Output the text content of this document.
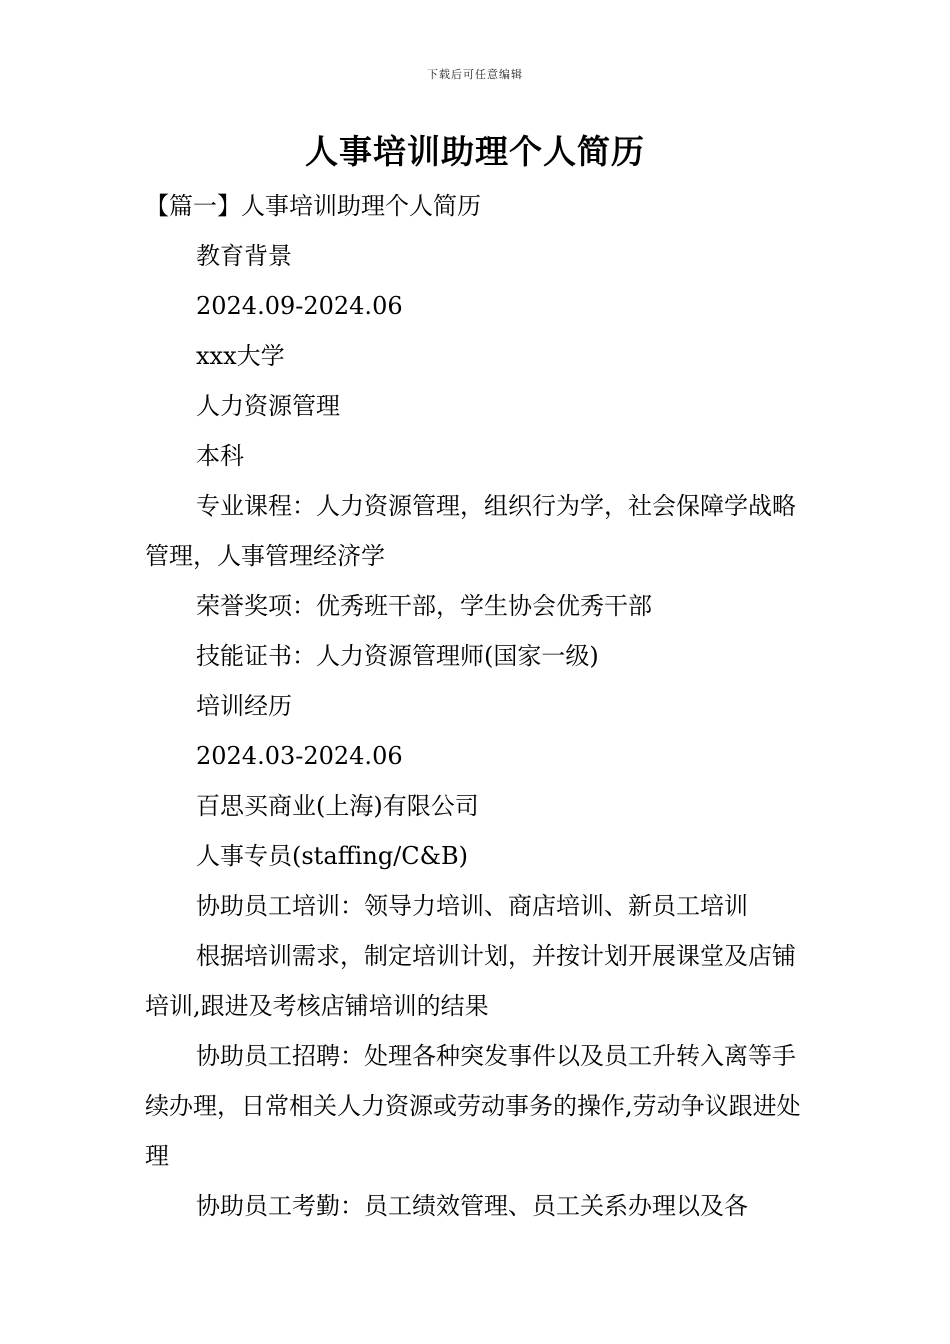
下载后可任意编辑
人事培训助理个人简历

【篇一】人事培训助理个人简历

教育背景

2024.09-2024.06

xxx大学

人力资源管理

本科

专业课程：人力资源管理，组织行为学，社会保障学战略管理，人事管理经济学

荣誉奖项：优秀班干部，学生协会优秀干部

技能证书：人力资源管理师(国家一级)

培训经历

2024.03-2024.06

百思买商业(上海)有限公司

人事专员(staffing/C&B)

协助员工培训：领导力培训、商店培训、新员工培训

根据培训需求，制定培训计划，并按计划开展课堂及店铺培训,跟进及考核店铺培训的结果

协助员工招聘：处理各种突发事件以及员工升转入离等手续办理，日常相关人力资源或劳动事务的操作,劳动争议跟进处理

协助员工考勤：员工绩效管理、员工关系办理以及各
